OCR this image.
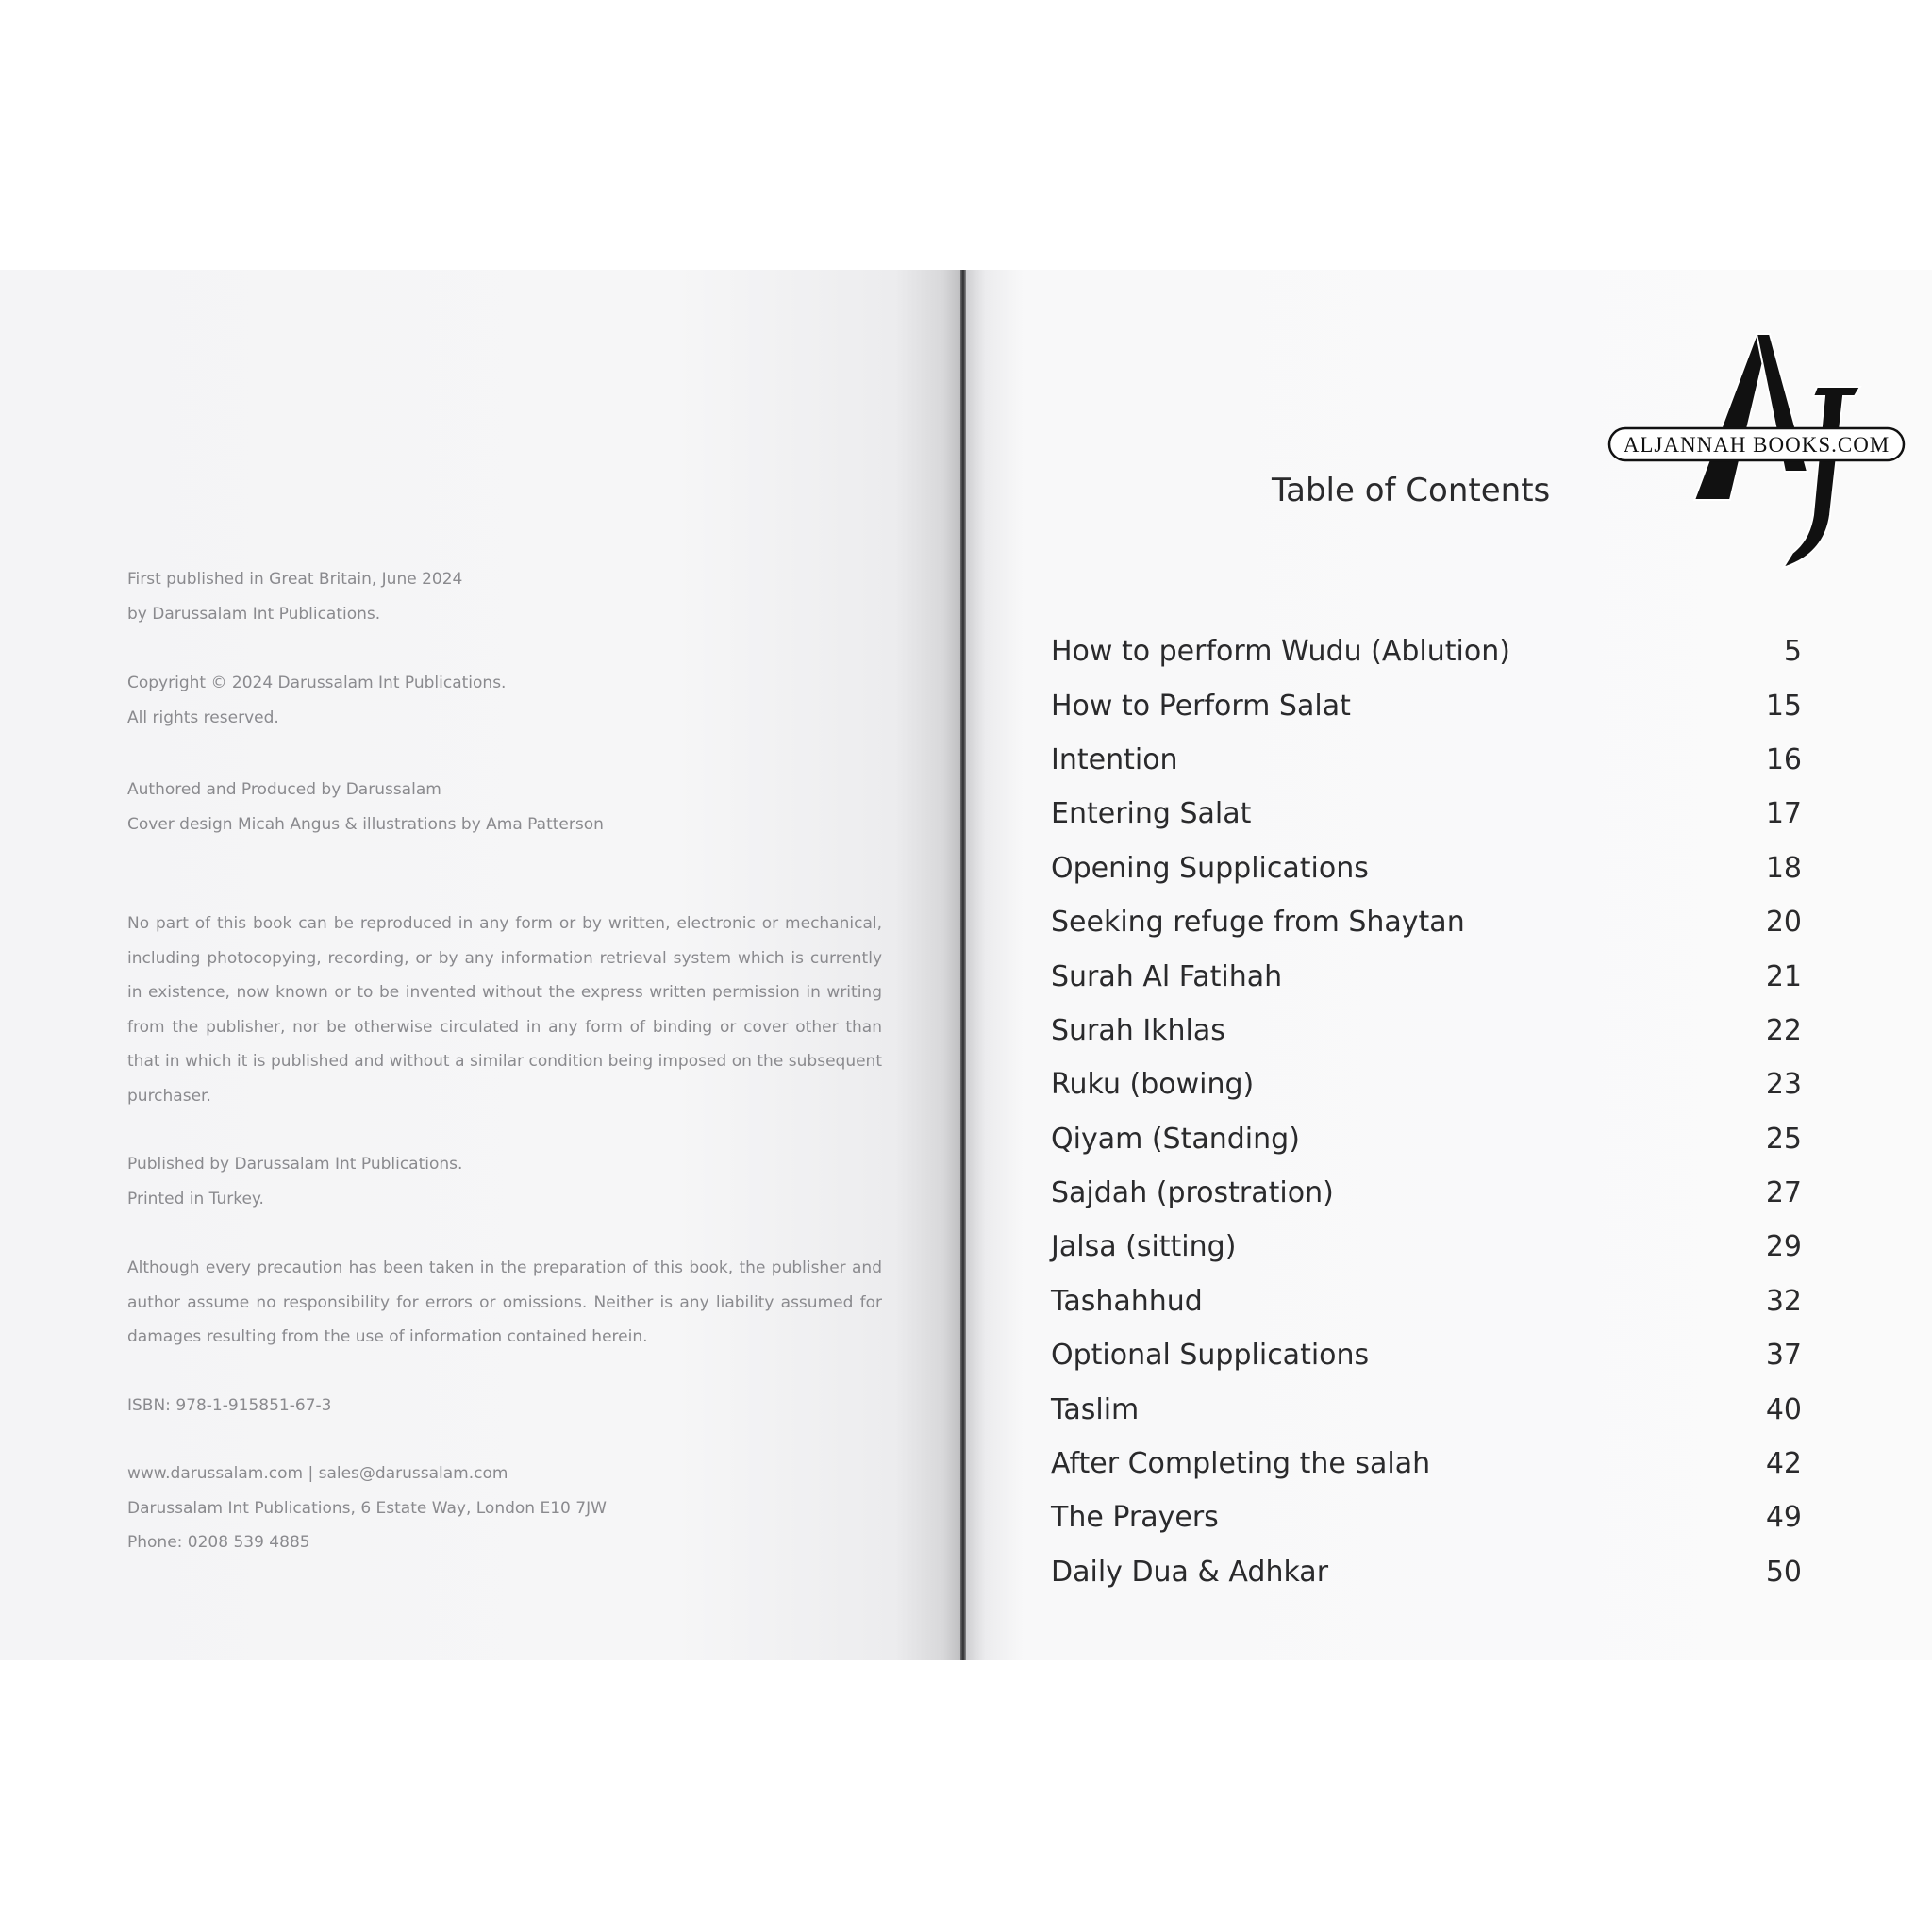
First published in Great Britain, June 2024

by Darussalam Int Publications.

Copyright © 2024 Darussalam Int Publications.

All rights reserved.

Authored and Produced by Darussalam

Cover design Micah Angus & illustrations by Ama Patterson

No part of this book can be reproduced in any form or by written, electronic or mechanical, including photocopying, recording, or by any information retrieval system which is currently in existence, now known or to be invented without the express written permission in writing from the publisher, nor be otherwise circulated in any form of binding or cover other than that in which it is published and without a similar condition being imposed on the subsequent purchaser.

Published by Darussalam Int Publications.

Printed in Turkey.

Although every precaution has been taken in the preparation of this book, the publisher and author assume no responsibility for errors or omissions. Neither is any liability assumed for damages resulting from the use of information contained herein.

ISBN: 978-1-915851-67-3

www.darussalam.com | sales@darussalam.com

Darussalam Int Publications, 6 Estate Way, London E10 7JW

Phone: 0208 539 4885

Table of Contents
How to perform Wudu (Ablution)	5
How to Perform Salat	15
Intention	16
Entering Salat	17
Opening Supplications	18
Seeking refuge from Shaytan	20
Surah Al Fatihah	21
Surah Ikhlas	22
Ruku (bowing)	23
Qiyam (Standing)	25
Sajdah (prostration)	27
Jalsa (sitting)	29
Tashahhud	32
Optional Supplications	37
Taslim	40
After Completing the salah	42
The Prayers	49
Daily Dua & Adhkar	50
ALJANNAH BOOKS.COM
